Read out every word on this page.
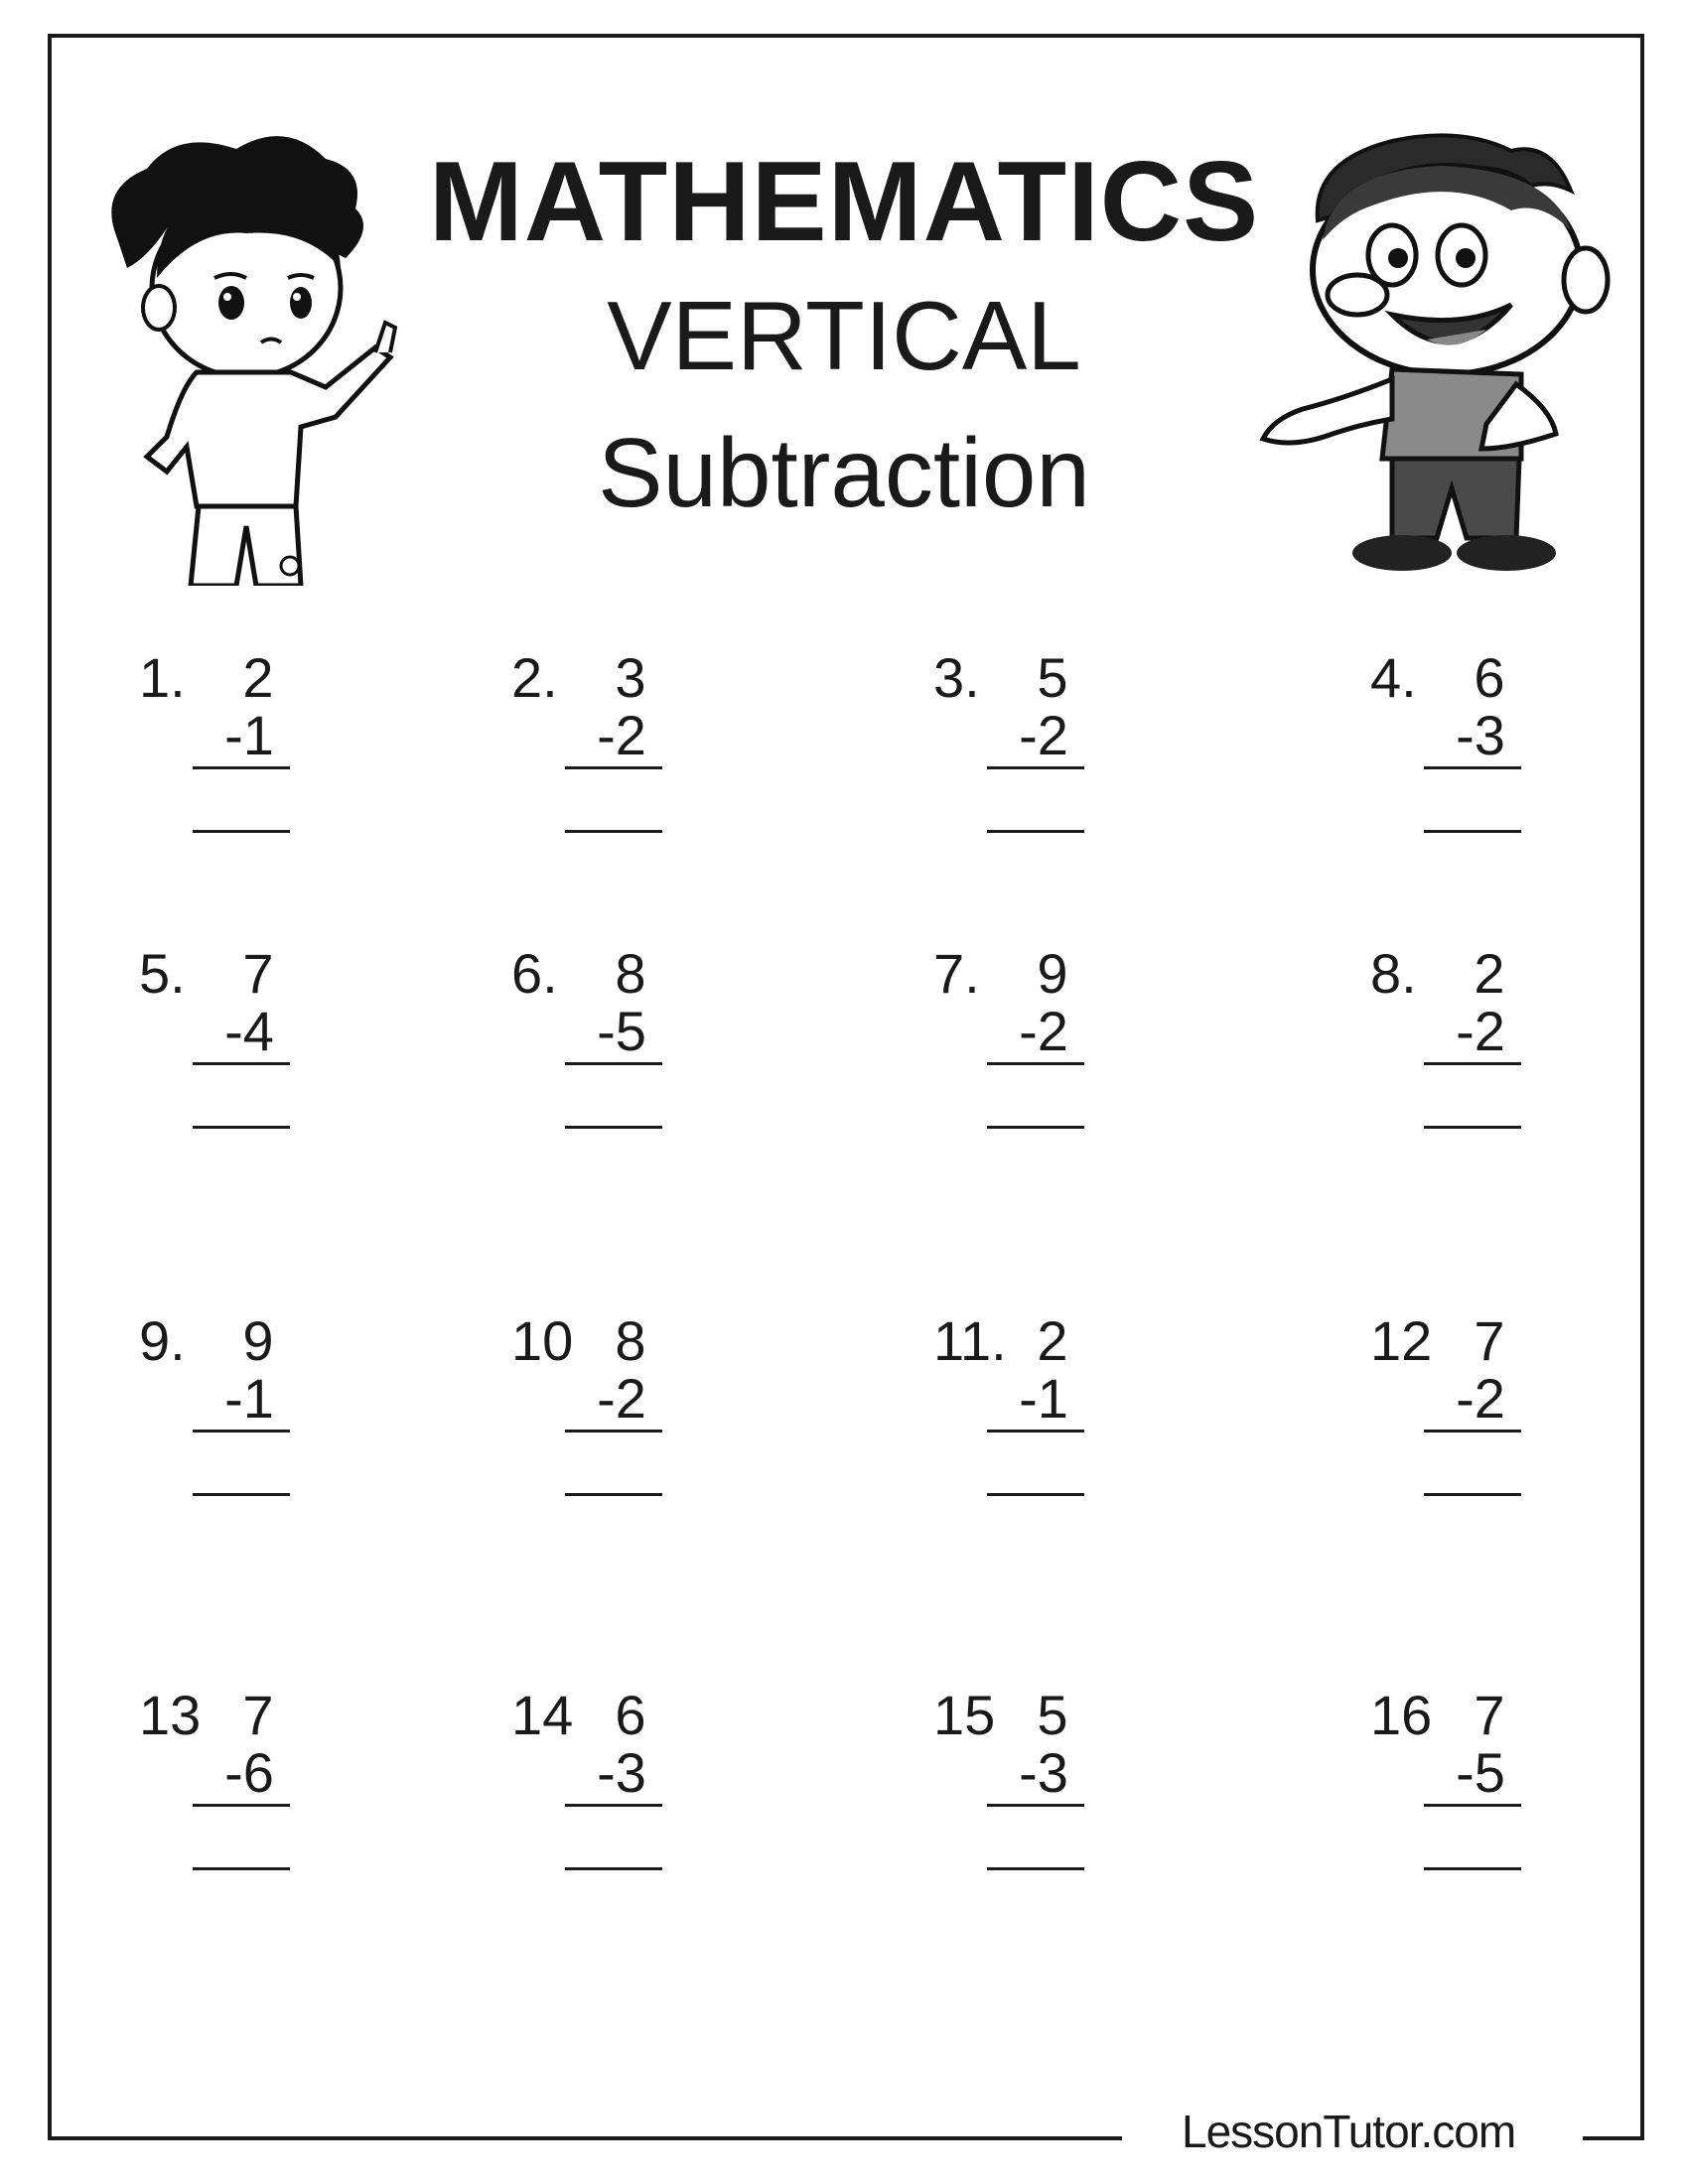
MATHEMATICS
VERTICAL
Subtraction
1.	2
-1
2.	3
-2
3.	5
-2
4.	6
-3
5.	7
-4
6.	8
-5
7.	9
-2
8.	2
-2
9.	9
-1
10 8
-2
11. 2
-1
12 7
-2
13 7
-6
14 6
-3
15 5
-3
16 7
-5
LessonTutor.com
